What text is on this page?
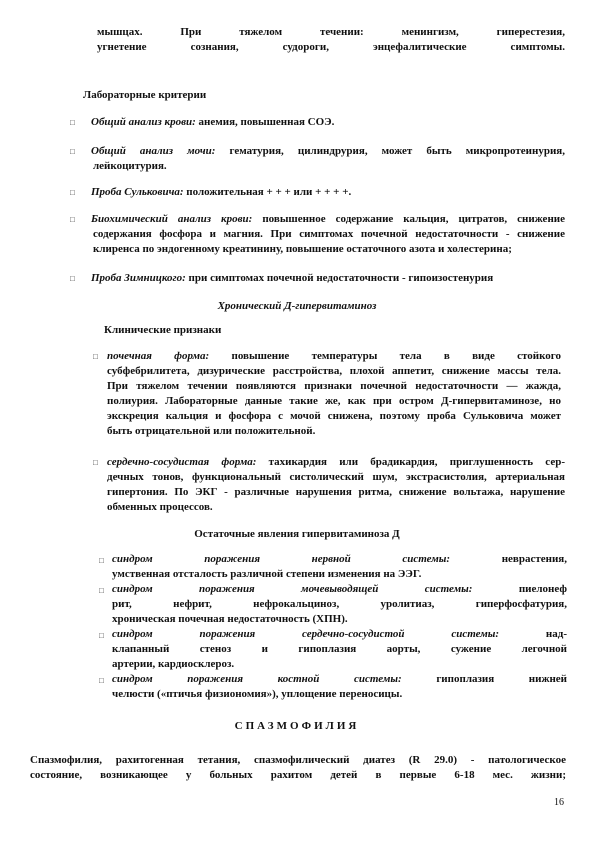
мышцах. При тяжелом течении: менингизм, гиперестезия,
угнетение сознания, судороги, энцефалитические симптомы.
Лабораторные критерии
□ Общий анализ крови: анемия, повышенная СОЭ.
□ Общий анализ мочи: гематурия, цилиндрурия, может быть микропротеинурия,
лейкоцитурия.
□ Проба Сульковича: положительная + + + или + + + +.
□ Биохимический анализ крови: повышенное содержание кальция, цитратов, снижение
содержания фосфора и магния. При симптомах почечной недостаточности - снижение
клиренса по эндогенному креатинину, повышение остаточного азота и холестерина;
□ Проба Зимницкого: при симптомах почечной недостаточности - гипоизостенурия
Хронический Д-гипервитаминоз
Клинические признаки
□ почечная форма: повышение температуры тела в виде стойкого
субфебрилитета, дизурические расстройства, плохой аппетит, снижение массы тела.
При тяжелом течении появляются признаки почечной недостаточности — жажда,
полиурия. Лабораторные данные такие же, как при остром Д-гипервитаминозе, но
экскреция кальция и фосфора с мочой снижена, поэтому проба Сульковича может
быть отрицательной или положительной.
□ сердечно-сосудистая форма: тахикардия или брадикардия, приглушенность сер-
дечных тонов, функциональный систолический шум, экстрасистолия, артериальная
гипертония. По ЭКГ - различные нарушения ритма, снижение вольтажа, нарушение
обменных процессов.
Остаточные явления гипервитаминоза Д
□ синдром поражения нервной системы:	неврастения,
умственная отсталость различной степени изменения на ЭЭГ.
□ синдром поражения мочевыводящей системы:	пиелонеф
рит, нефрит, нефрокальциноз, уролитиаз, гиперфосфатурия,
хроническая почечная недостаточность (ХПН).
□ синдром поражения сердечно-сосудистой системы:	над-
клапанный стеноз и гипоплазия аорты, сужение легочной
артерии, кардиосклероз.
□ синдром поражения костной системы:	гипоплазия нижней
челюсти («птичья физиономия»), уплощение переносицы.
СПАЗМОФИЛИЯ
Спазмофилия, рахитогенная тетания, спазмофилический диатез (R 29.0) - патологическое
состояние, возникающее у больных рахитом детей в первые 6-18 мес. жизни;
16
